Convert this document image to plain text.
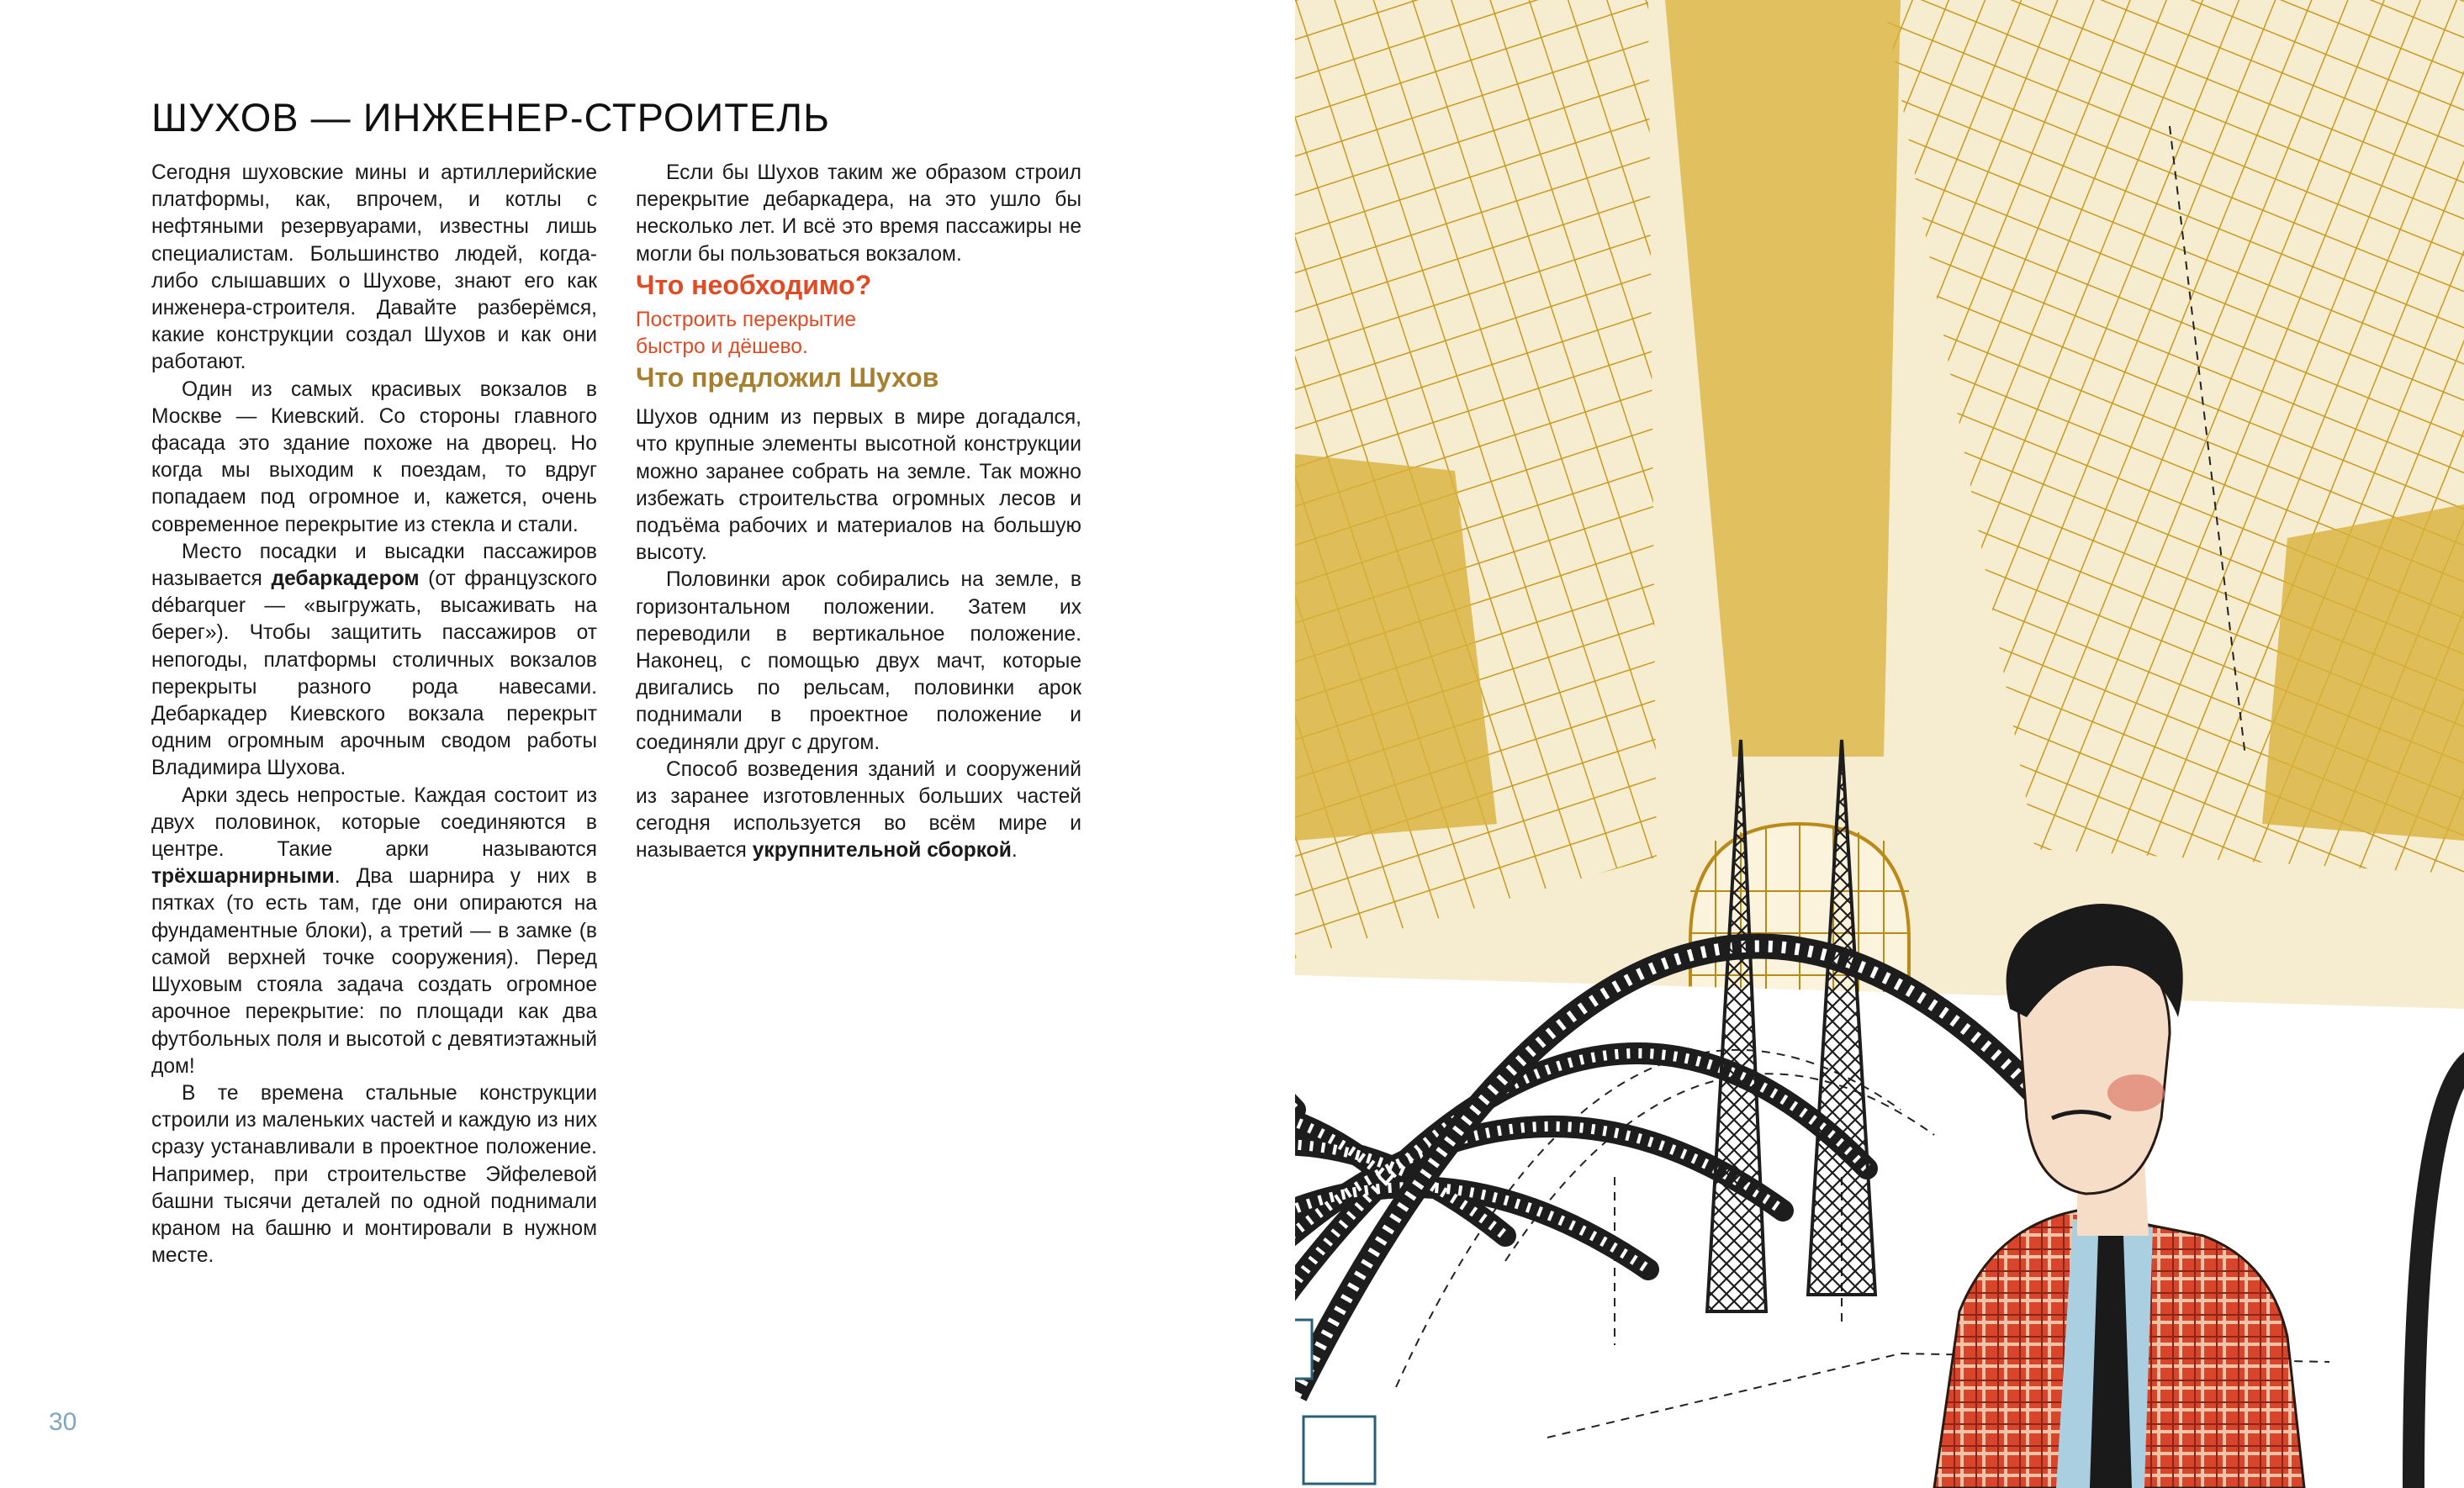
ШУХОВ — ИНЖЕНЕР-СТРОИТЕЛЬ

Сегодня шуховские мины и артиллерийские платформы, как, впрочем, и котлы с нефтяными резервуарами, известны лишь специалистам. Большинство людей, когда-либо слышавших о Шухове, знают его как инженера-строителя. Давайте разберёмся, какие конструкции создал Шухов и как они работают.

Один из самых красивых вокзалов в Москве — Киевский. Со стороны главного фасада это здание похоже на дворец. Но когда мы выходим к поездам, то вдруг попадаем под огромное и, кажется, очень современное перекрытие из стекла и стали.

Место посадки и высадки пассажиров называется дебаркадером (от французского débarquer — «выгружать, высаживать на берег»). Чтобы защитить пассажиров от непогоды, платформы столичных вокзалов перекрыты разного рода навесами. Дебаркадер Киевского вокзала перекрыт одним огромным арочным сводом работы Владимира Шухова.

Арки здесь непростые. Каждая состоит из двух половинок, которые соединяются в центре. Такие арки называются трёхшарнирными. Два шарнира у них в пятках (то есть там, где они опираются на фундаментные блоки), а третий — в замке (в самой верхней точке сооружения). Перед Шуховым стояла задача создать огромное арочное перекрытие: по площади как два футбольных поля и высотой с девятиэтажный дом!

В те времена стальные конструкции строили из маленьких частей и каждую из них сразу устанавливали в проектное положение. Например, при строительстве Эйфелевой башни тысячи деталей по одной поднимали краном на башню и монтировали в нужном месте.

Если бы Шухов таким же образом строил перекрытие дебаркадера, на это ушло бы несколько лет. И всё это время пассажиры не могли бы пользоваться вокзалом.

Что необходимо?

Построить перекрытие
быстро и дёшево.

Что предложил Шухов

Шухов одним из первых в мире догадался, что крупные элементы высотной конструкции можно заранее собрать на земле. Так можно избежать строительства огромных лесов и подъёма рабочих и материалов на большую высоту.

Половинки арок собирались на земле, в горизонтальном положении. Затем их переводили в вертикальное положение. Наконец, с помощью двух мачт, которые двигались по рельсам, половинки арок поднимали в проектное положение и соединяли друг с другом.

Способ возведения зданий и сооружений из заранее изготовленных больших частей сегодня используется во всём мире и называется укрупнительной сборкой.

30
